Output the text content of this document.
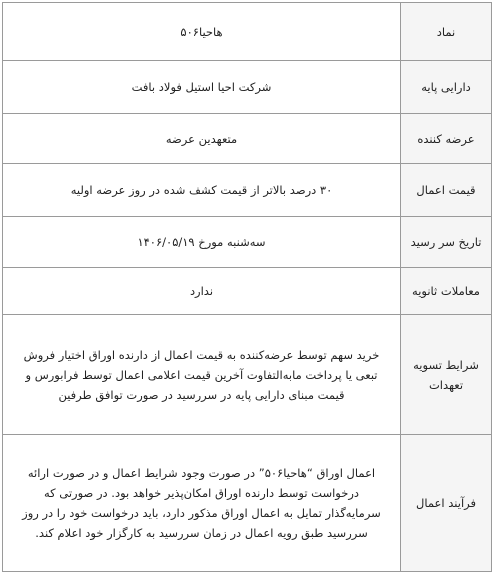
نماد	هاحیا۵۰۶
دارایی پایه	شرکت احیا استیل فولاد بافت
عرضه کننده	متعهدین عرضه
قیمت اعمال	۳۰ درصد بالاتر از قیمت کشف شده در روز عرضه اولیه
تاریخ سر رسید	سه‌شنبه مورخ ۱۴۰۶/۰۵/۱۹
معاملات ثانویه	ندارد
شرایط تسویه تعهدات	خرید سهم توسط عرضه‌کننده به قیمت اعمال از دارنده اوراق اختیار فروش تبعی یا پرداخت مابه‌التفاوت آخرین قیمت اعلامی اعمال توسط فرابورس و قیمت مبنای دارایی پایه در سررسید در صورت توافق طرفین
فرآیند اعمال	اعمال اوراق “هاحیا۵۰۶” در صورت وجود شرایط اعمال و در صورت ارائه درخواست توسط دارنده اوراق امکان‌پذیر خواهد بود. در صورتی که سرمایه‌گذار تمایل به اعمال اوراق مذکور دارد، باید درخواست خود را در روز سررسید طبق رویه اعمال در زمان سررسید به کارگزار خود اعلام کند.
